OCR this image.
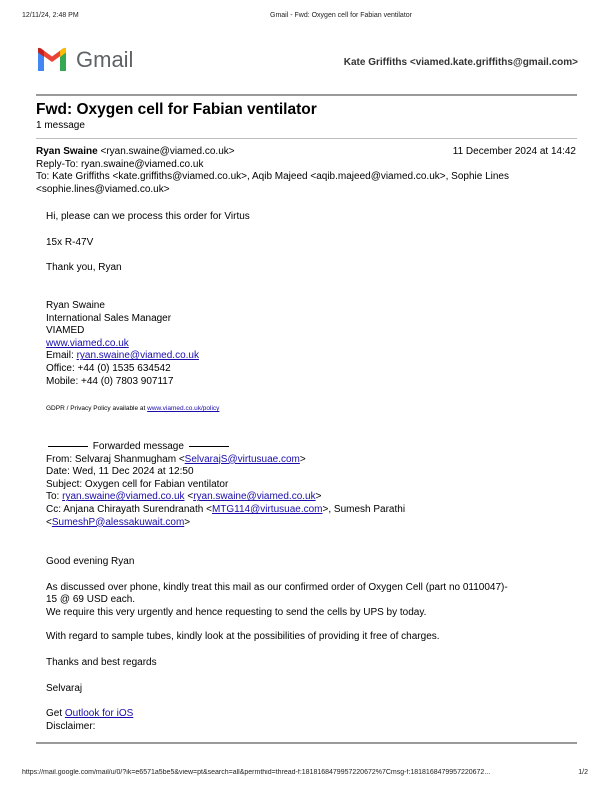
12/11/24, 2:48 PM	Gmail - Fwd: Oxygen cell for Fabian ventilator
Gmail	Kate Griffiths <viamed.kate.griffiths@gmail.com>
Fwd: Oxygen cell for Fabian ventilator
1 message
Ryan Swaine <ryan.swaine@viamed.co.uk>
Reply-To: ryan.swaine@viamed.co.uk
To: Kate Griffiths <kate.griffiths@viamed.co.uk>, Aqib Majeed <aqib.majeed@viamed.co.uk>, Sophie Lines
<sophie.lines@viamed.co.uk>
11 December 2024 at 14:42
Hi, please can we process this order for Virtus
15x R-47V
Thank you, Ryan
Ryan Swaine
International Sales Manager
VIAMED
www.viamed.co.uk
Email: ryan.swaine@viamed.co.uk
Office: +44 (0) 1535 634542
Mobile: +44 (0) 7803 907117
GDPR / Privacy Policy available at www.viamed.co.uk/policy
Forwarded message
From: Selvaraj Shanmugham <SelvarajS@virtusuae.com>
Date: Wed, 11 Dec 2024 at 12:50
Subject: Oxygen cell for Fabian ventilator
To: ryan.swaine@viamed.co.uk <ryan.swaine@viamed.co.uk>
Cc: Anjana Chirayath Surendranath <MTG114@virtusuae.com>, Sumesh Parathi
<SumeshP@alessakuwait.com>
Good evening Ryan
As discussed over phone, kindly treat this mail as our confirmed order of Oxygen Cell (part no 0110047)-
15 @ 69 USD each.
We require this very urgently and hence requesting to send the cells by UPS by today.
With regard to sample tubes, kindly look at the possibilities of providing it free of charges.
Thanks and best regards
Selvaraj
Get Outlook for iOS
Disclaimer:
https://mail.google.com/mail/u/0/?ik=e6571a5be5&view=pt&search=all&permthid=thread-f:1818168479957220672%7Cmsg-f:18181684799572206​72...	1/2
